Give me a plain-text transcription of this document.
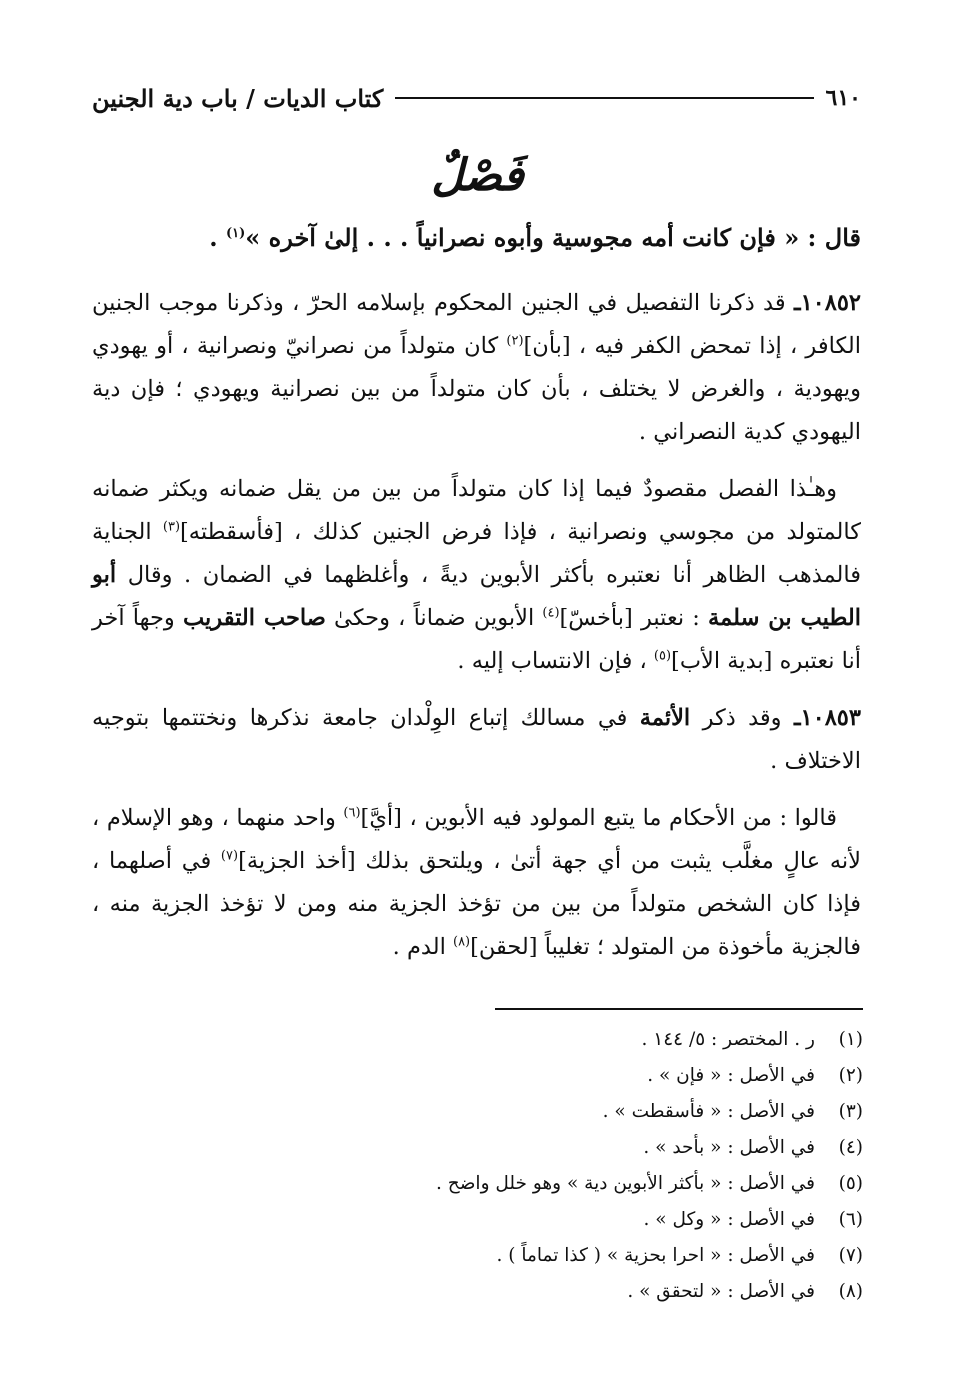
٦١٠
كتاب الديات / باب دية الجنين
فَصْلٌ
قال : « فإن كانت أمه مجوسية وأبوه نصرانياً . . . إلىٰ آخره »$^{(١)}$ .

١٠٨٥٢ـ قد ذكرنا التفصيل في الجنين المحكوم بإسلامه الحرّ ، وذكرنا موجب الجنين الكافر ، إذا تمحض الكفر فيه ، [بأن]$^{(٢)}$ كان متولداً من نصرانيّ ونصرانية ، أو يهودي ويهودية ، والغرض لا يختلف ، بأن كان متولداً من بين نصرانية ويهودي ؛ فإن دية اليهودي كدية النصراني .

وهـٰذا الفصل مقصودٌ فيما إذا كان متولداً من بين من يقل ضمانه ويكثر ضمانه كالمتولد من مجوسي ونصرانية ، فإذا فرض الجنين كذلك ، [فأسقطته]$^{(٣)}$ الجناية فالمذهب الظاهر أنا نعتبره بأكثر الأبوين ديةً ، وأغلظهما في الضمان . وقال أبو الطيب بن سلمة : نعتبر [بأخسّ]$^{(٤)}$ الأبوين ضماناً ، وحكىٰ صاحب التقريب وجهاً آخر أنا نعتبره [بدية الأب]$^{(٥)}$ ، فإن الانتساب إليه .

١٠٨٥٣ـ وقد ذكر الأئمة في مسالك إتباع الوِلْدان جامعة نذكرها ونختتمها بتوجيه الاختلاف .

قالوا : من الأحكام ما يتبع المولود فيه الأبوين ، [أيَّ]$^{(٦)}$ واحد منهما ، وهو الإسلام ، لأنه عالٍ مغلَّب يثبت من أي جهة أتىٰ ، ويلتحق بذلك [أخذ الجزية]$^{(٧)}$ في أصلهما ، فإذا كان الشخص متولداً من بين من تؤخذ الجزية منه ومن لا تؤخذ الجزية منه ، فالجزية مأخوذة من المتولد ؛ تغليباً [لحقن]$^{(٨)}$ الدم .

(١)
ر . المختصر : ٥/ ١٤٤ .
(٢)
في الأصل : « فإن » .
(٣)
في الأصل : « فأسقطت » .
(٤)
في الأصل : « بأحد » .
(٥)
في الأصل : « بأكثر الأبوين دية » وهو خلل واضح .
(٦)
في الأصل : « وكل » .
(٧)
في الأصل : « احرا بحزية » ( كذا تماماً ) .
(٨)
في الأصل : « لتحقق » .
